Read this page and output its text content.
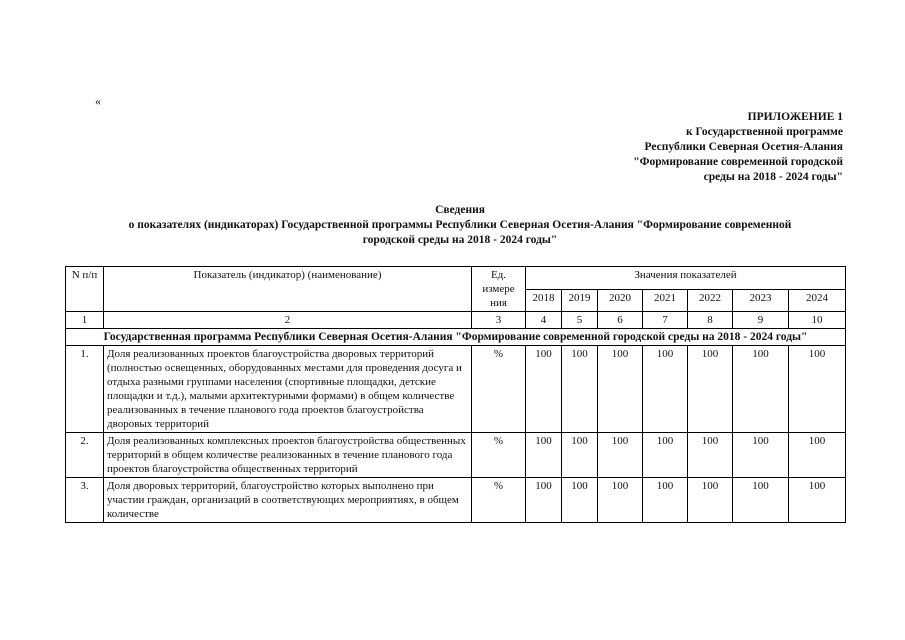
«
ПРИЛОЖЕНИЕ 1
к Государственной программе
Республики Северная Осетия-Алания
"Формирование современной городской
среды на 2018 - 2024 годы"
Сведения
о показателях (индикаторах) Государственной программы Республики Северная Осетия-Алания "Формирование современной
городской среды на 2018 - 2024 годы"
N п/п	Показатель (индикатор) (наименование)	Ед. измере ния	Значения показателей						
			2018	2019	2020	2021	2022	2023	2024
1	2	3	4	5	6	7	8	9	10
Государственная программа Республики Северная Осетия-Алания "Формирование современной городской среды на 2018 - 2024 годы"									
1.	Доля реализованных проектов благоустройства дворовых территорий (полностью освещенных, оборудованных местами для проведения досуга и отдыха разными группами населения (спортивные площадки, детские площадки и т.д.), малыми архитектурными формами) в общем количестве реализованных в течение планового года проектов благоустройства дворовых территорий	%	100	100	100	100	100	100	100
2.	Доля реализованных комплексных проектов благоустройства общественных территорий в общем количестве реализованных в течение планового года проектов благоустройства общественных территорий	%	100	100	100	100	100	100	100
3.	Доля дворовых территорий, благоустройство которых выполнено при участии граждан, организаций в соответствующих мероприятиях, в общем количестве	%	100	100	100	100	100	100	100
